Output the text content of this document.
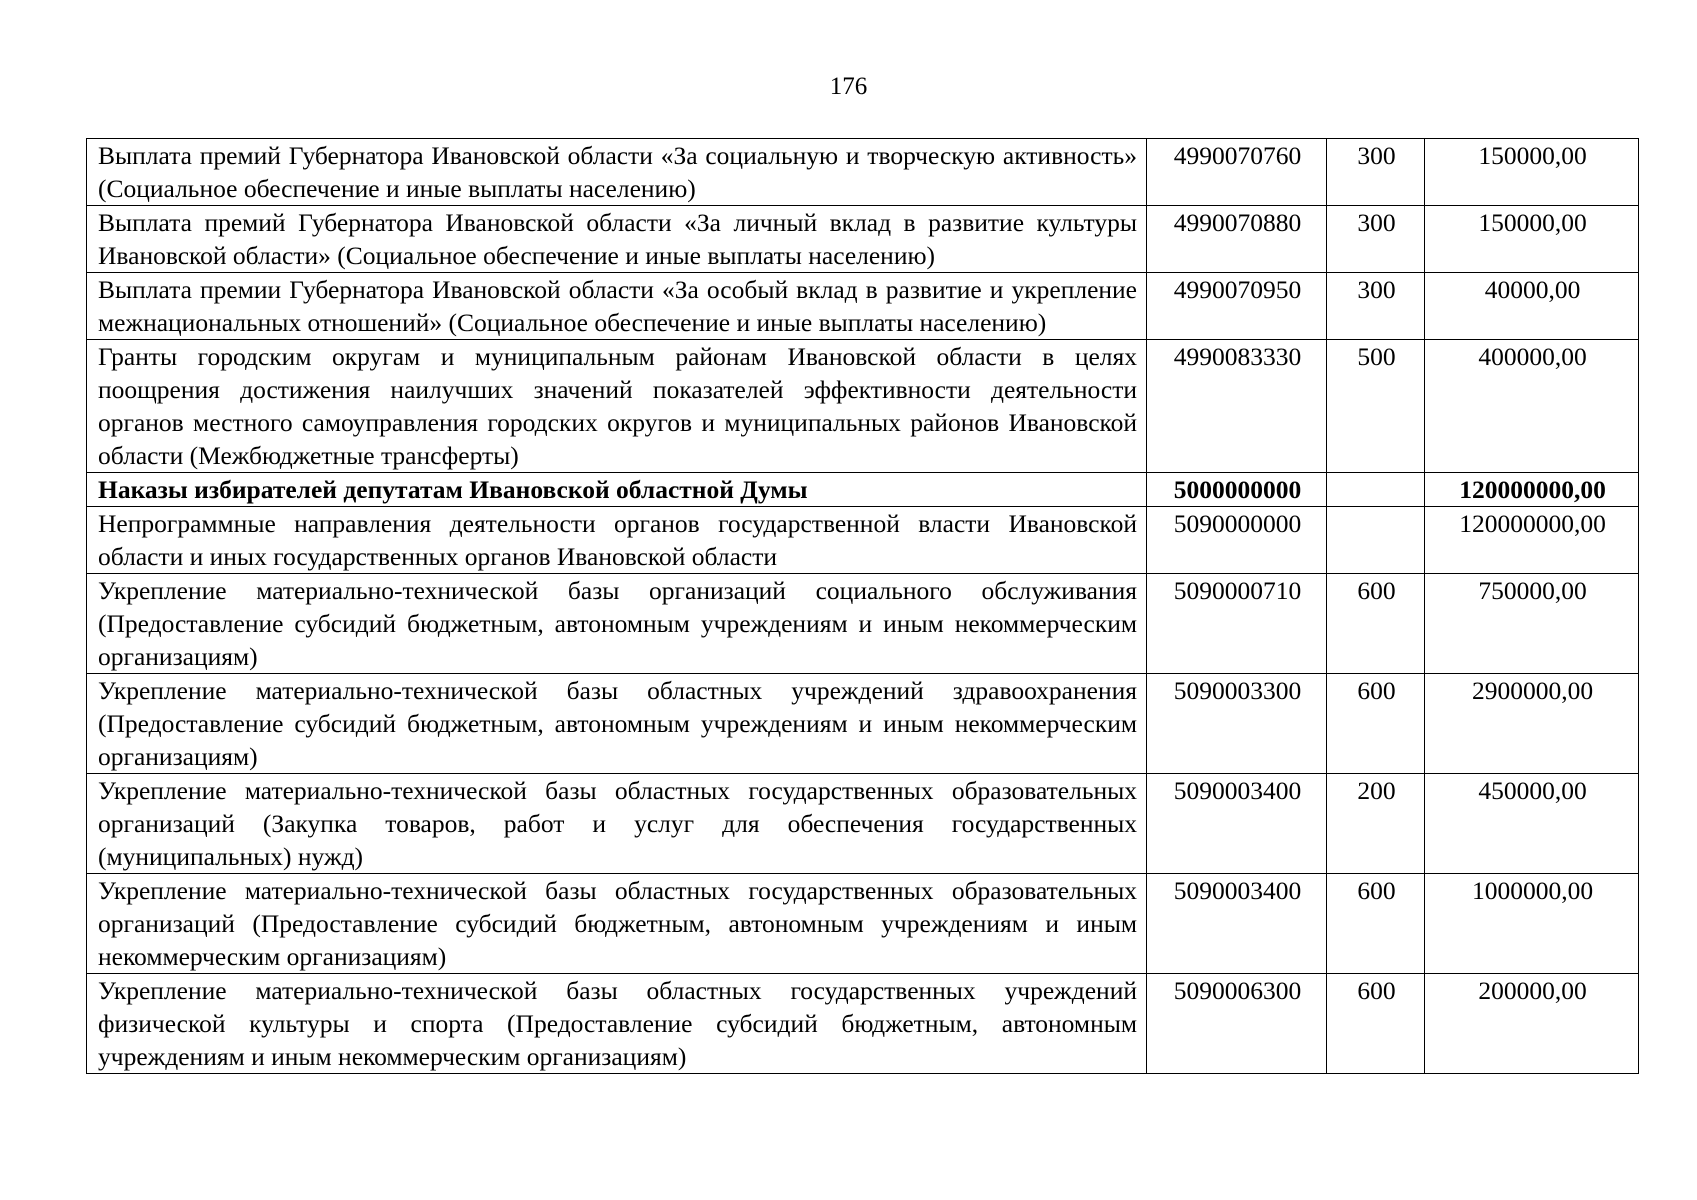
176
Выплата премий Губернатора Ивановской области «За социальную и творческую активность» (Социальное обеспечение и иные выплаты населению)	4990070760	300	150000,00
Выплата премий Губернатора Ивановской области «За личный вклад в развитие культуры Ивановской области» (Социальное обеспечение и иные выплаты населению)	4990070880	300	150000,00
Выплата премии Губернатора Ивановской области «За особый вклад в развитие и укрепление межнациональных отношений» (Социальное обеспечение и иные выплаты населению)	4990070950	300	40000,00
Гранты городским округам и муниципальным районам Ивановской области в целях поощрения достижения наилучших значений показателей эффективности деятельности органов местного самоуправления городских округов и муниципальных районов Ивановской области (Межбюджетные трансферты)	4990083330	500	400000,00
Наказы избирателей депутатам Ивановской областной Думы	5000000000		120000000,00
Непрограммные направления деятельности органов государственной власти Ивановской области и иных государственных органов Ивановской области	5090000000		120000000,00
Укрепление материально-технической базы организаций социального обслуживания (Предоставление субсидий бюджетным, автономным учреждениям и иным некоммерческим организациям)	5090000710	600	750000,00
Укрепление материально-технической базы областных учреждений здравоохранения (Предоставление субсидий бюджетным, автономным учреждениям и иным некоммерческим организациям)	5090003300	600	2900000,00
Укрепление материально-технической базы областных государственных образовательных организаций (Закупка товаров, работ и услуг для обеспечения государственных (муниципальных) нужд)	5090003400	200	450000,00
Укрепление материально-технической базы областных государственных образовательных организаций (Предоставление субсидий бюджетным, автономным учреждениям и иным некоммерческим организациям)	5090003400	600	1000000,00
Укрепление материально-технической базы областных государственных учреждений физической культуры и спорта (Предоставление субсидий бюджетным, автономным учреждениям и иным некоммерческим организациям)	5090006300	600	200000,00
